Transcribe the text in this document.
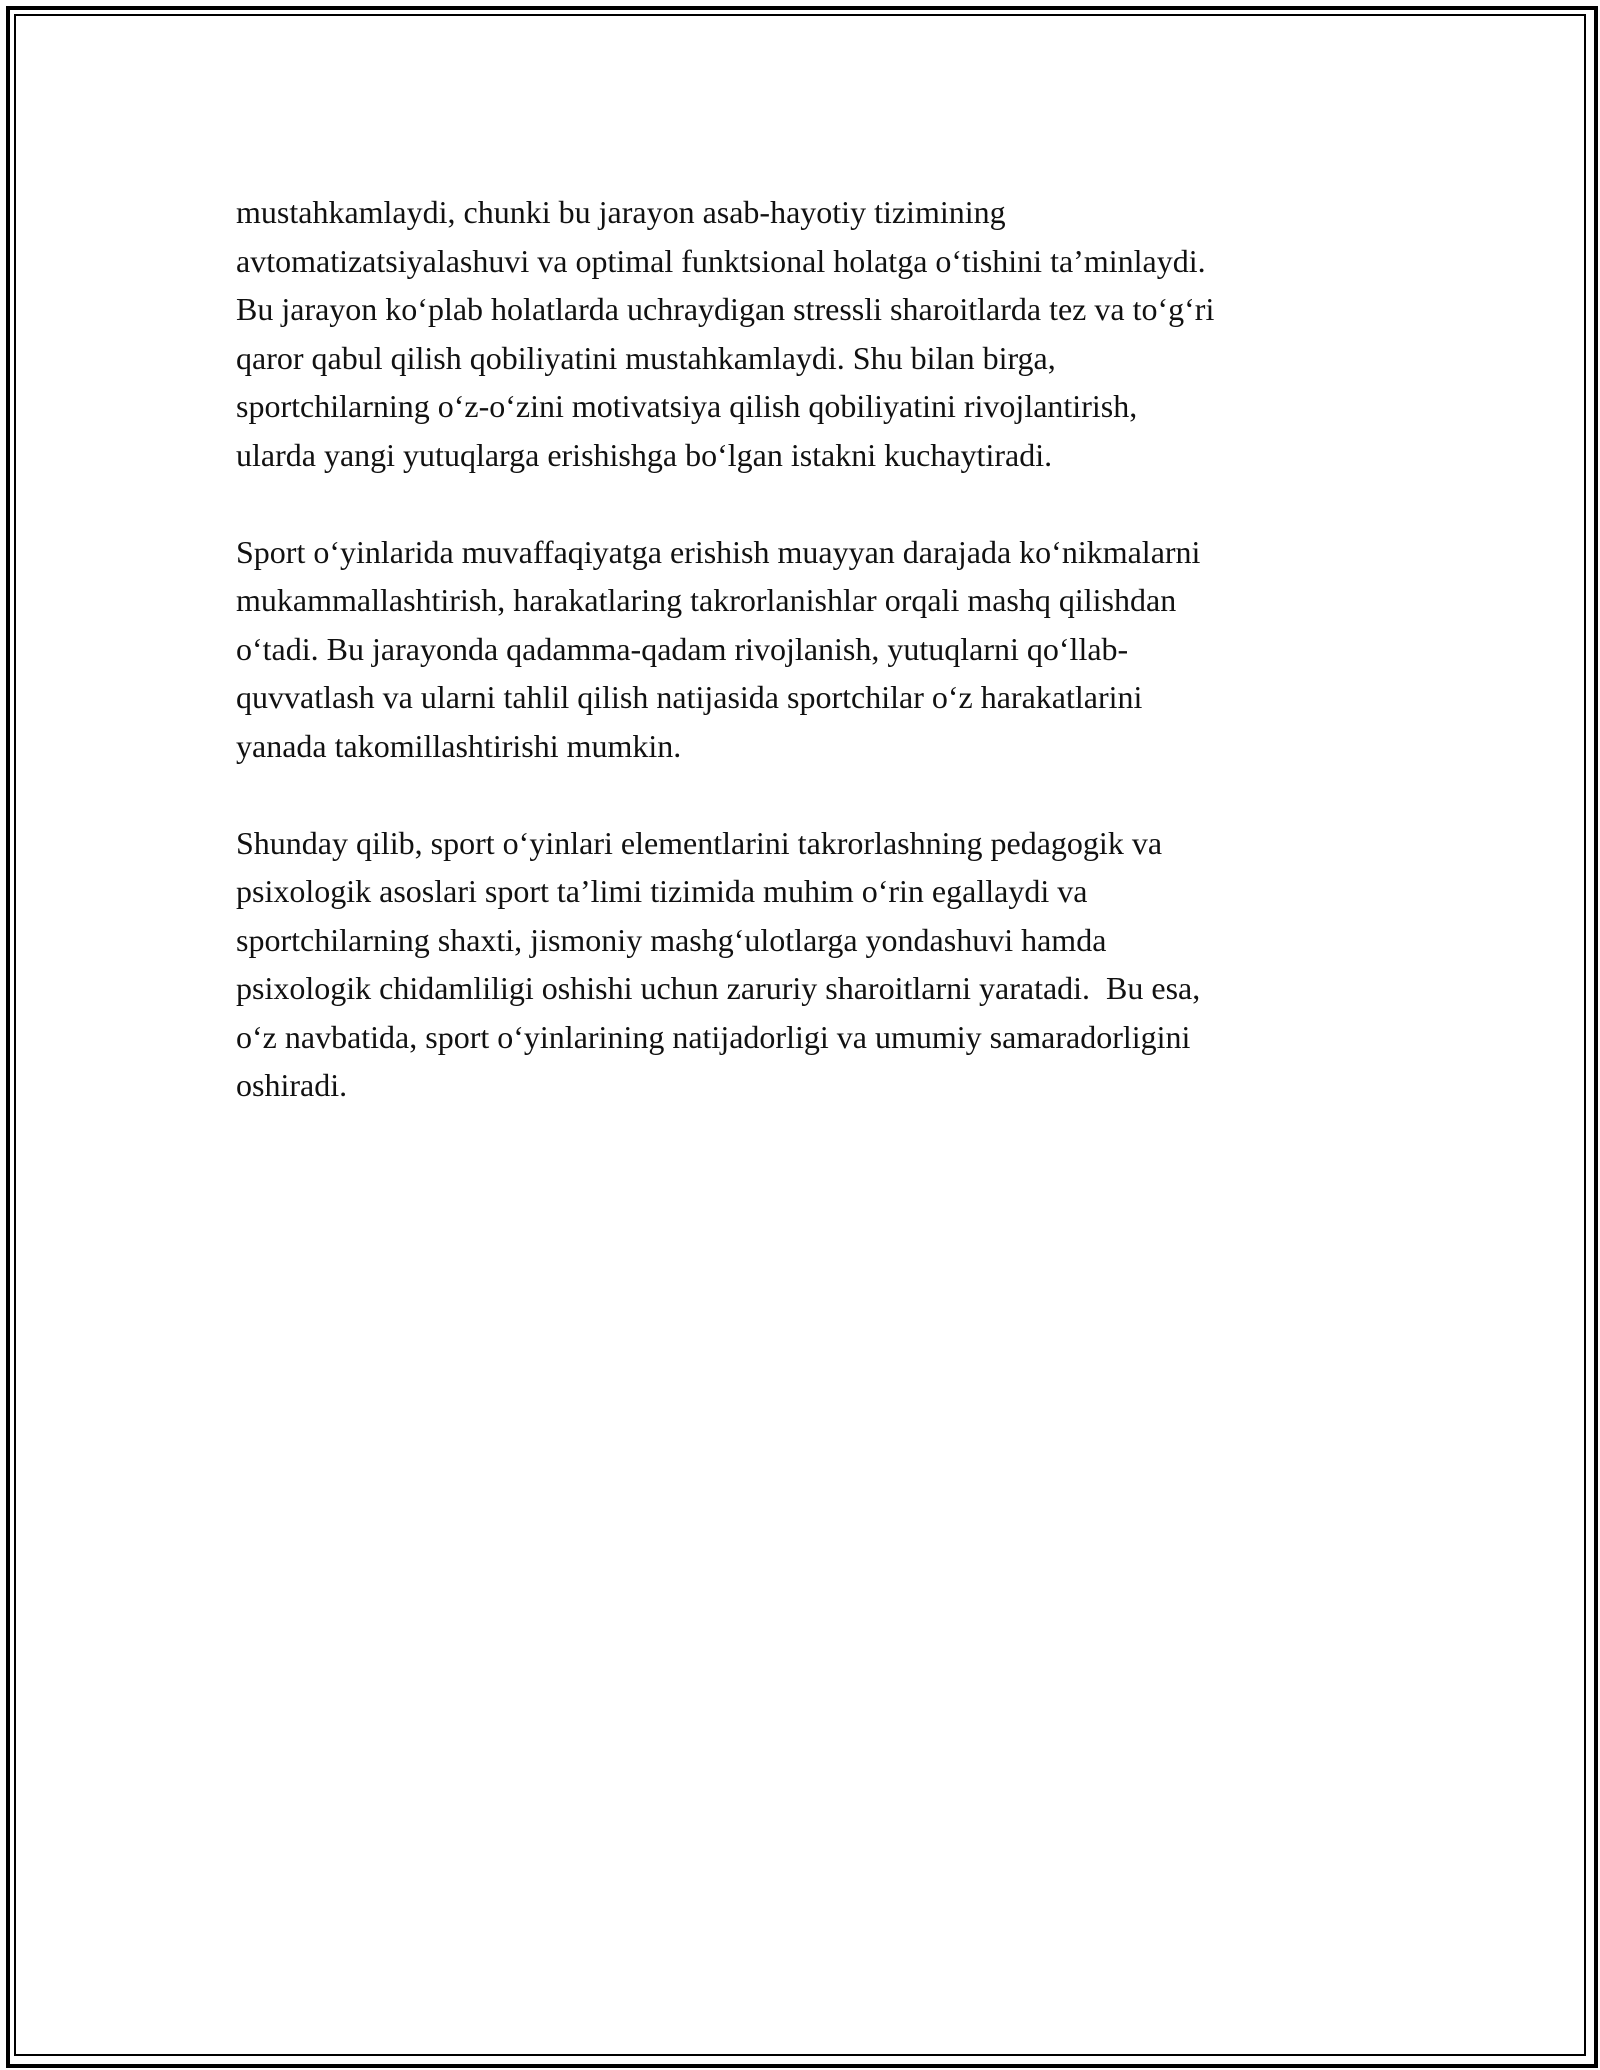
mustahkamlaydi, chunki bu jarayon asab-hayotiy tizimining
avtomatizatsiyalashuvi va optimal funktsional holatga o‘tishini ta’minlaydi.
Bu jarayon ko‘plab holatlarda uchraydigan stressli sharoitlarda tez va to‘g‘ri
qaror qabul qilish qobiliyatini mustahkamlaydi. Shu bilan birga,
sportchilarning o‘z-o‘zini motivatsiya qilish qobiliyatini rivojlantirish,
ularda yangi yutuqlarga erishishga bo‘lgan istakni kuchaytiradi.
Sport o‘yinlarida muvaffaqiyatga erishish muayyan darajada ko‘nikmalarni
mukammallashtirish, harakatlaring takrorlanishlar orqali mashq qilishdan
o‘tadi. Bu jarayonda qadamma-qadam rivojlanish, yutuqlarni qo‘llab-
quvvatlash va ularni tahlil qilish natijasida sportchilar o‘z harakatlarini
yanada takomillashtirishi mumkin.
Shunday qilib, sport o‘yinlari elementlarini takrorlashning pedagogik va
psixologik asoslari sport ta’limi tizimida muhim o‘rin egallaydi va
sportchilarning shaxti, jismoniy mashg‘ulotlarga yondashuvi hamda
psixologik chidamliligi oshishi uchun zaruriy sharoitlarni yaratadi.  Bu esa,
o‘z navbatida, sport o‘yinlarining natijadorligi va umumiy samaradorligini
oshiradi.
